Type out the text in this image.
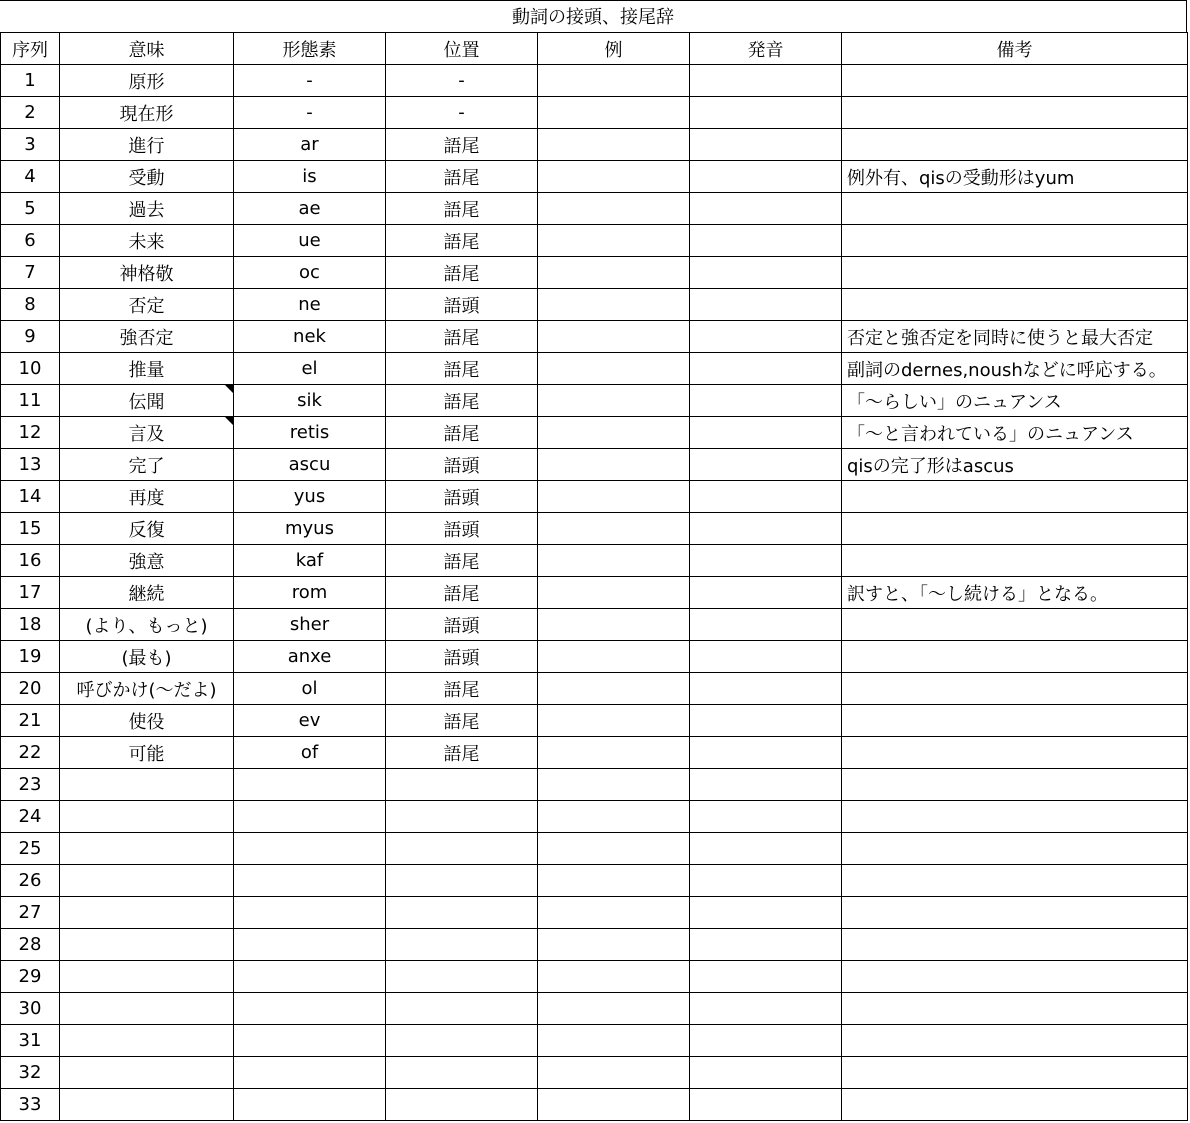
動詞の接頭、接尾辞
序列	意味	形態素	位置	例	発音	備考
1	原形	-	-			
2	現在形	-	-			
3	進行	ar	語尾			
4	受動	is	語尾			例外有、qisの受動形はyum
5	過去	ae	語尾			
6	未来	ue	語尾			
7	神格敬	oc	語尾			
8	否定	ne	語頭			
9	強否定	nek	語尾			否定と強否定を同時に使うと最大否定
10	推量	el	語尾			副詞のdernes,noushなどに呼応する。
11	伝聞	sik	語尾			「～らしい」のニュアンス
12	言及	retis	語尾			「～と言われている」のニュアンス
13	完了	ascu	語頭			qisの完了形はascus
14	再度	yus	語頭			
15	反復	myus	語頭			
16	強意	kaf	語尾			
17	継続	rom	語尾			訳すと、「～し続ける」となる。
18	(より、もっと)	sher	語頭			
19	(最も)	anxe	語頭			
20	呼びかけ(～だよ)	ol	語尾			
21	使役	ev	語尾			
22	可能	of	語尾			
23						
24						
25						
26						
27						
28						
29						
30						
31						
32						
33						
